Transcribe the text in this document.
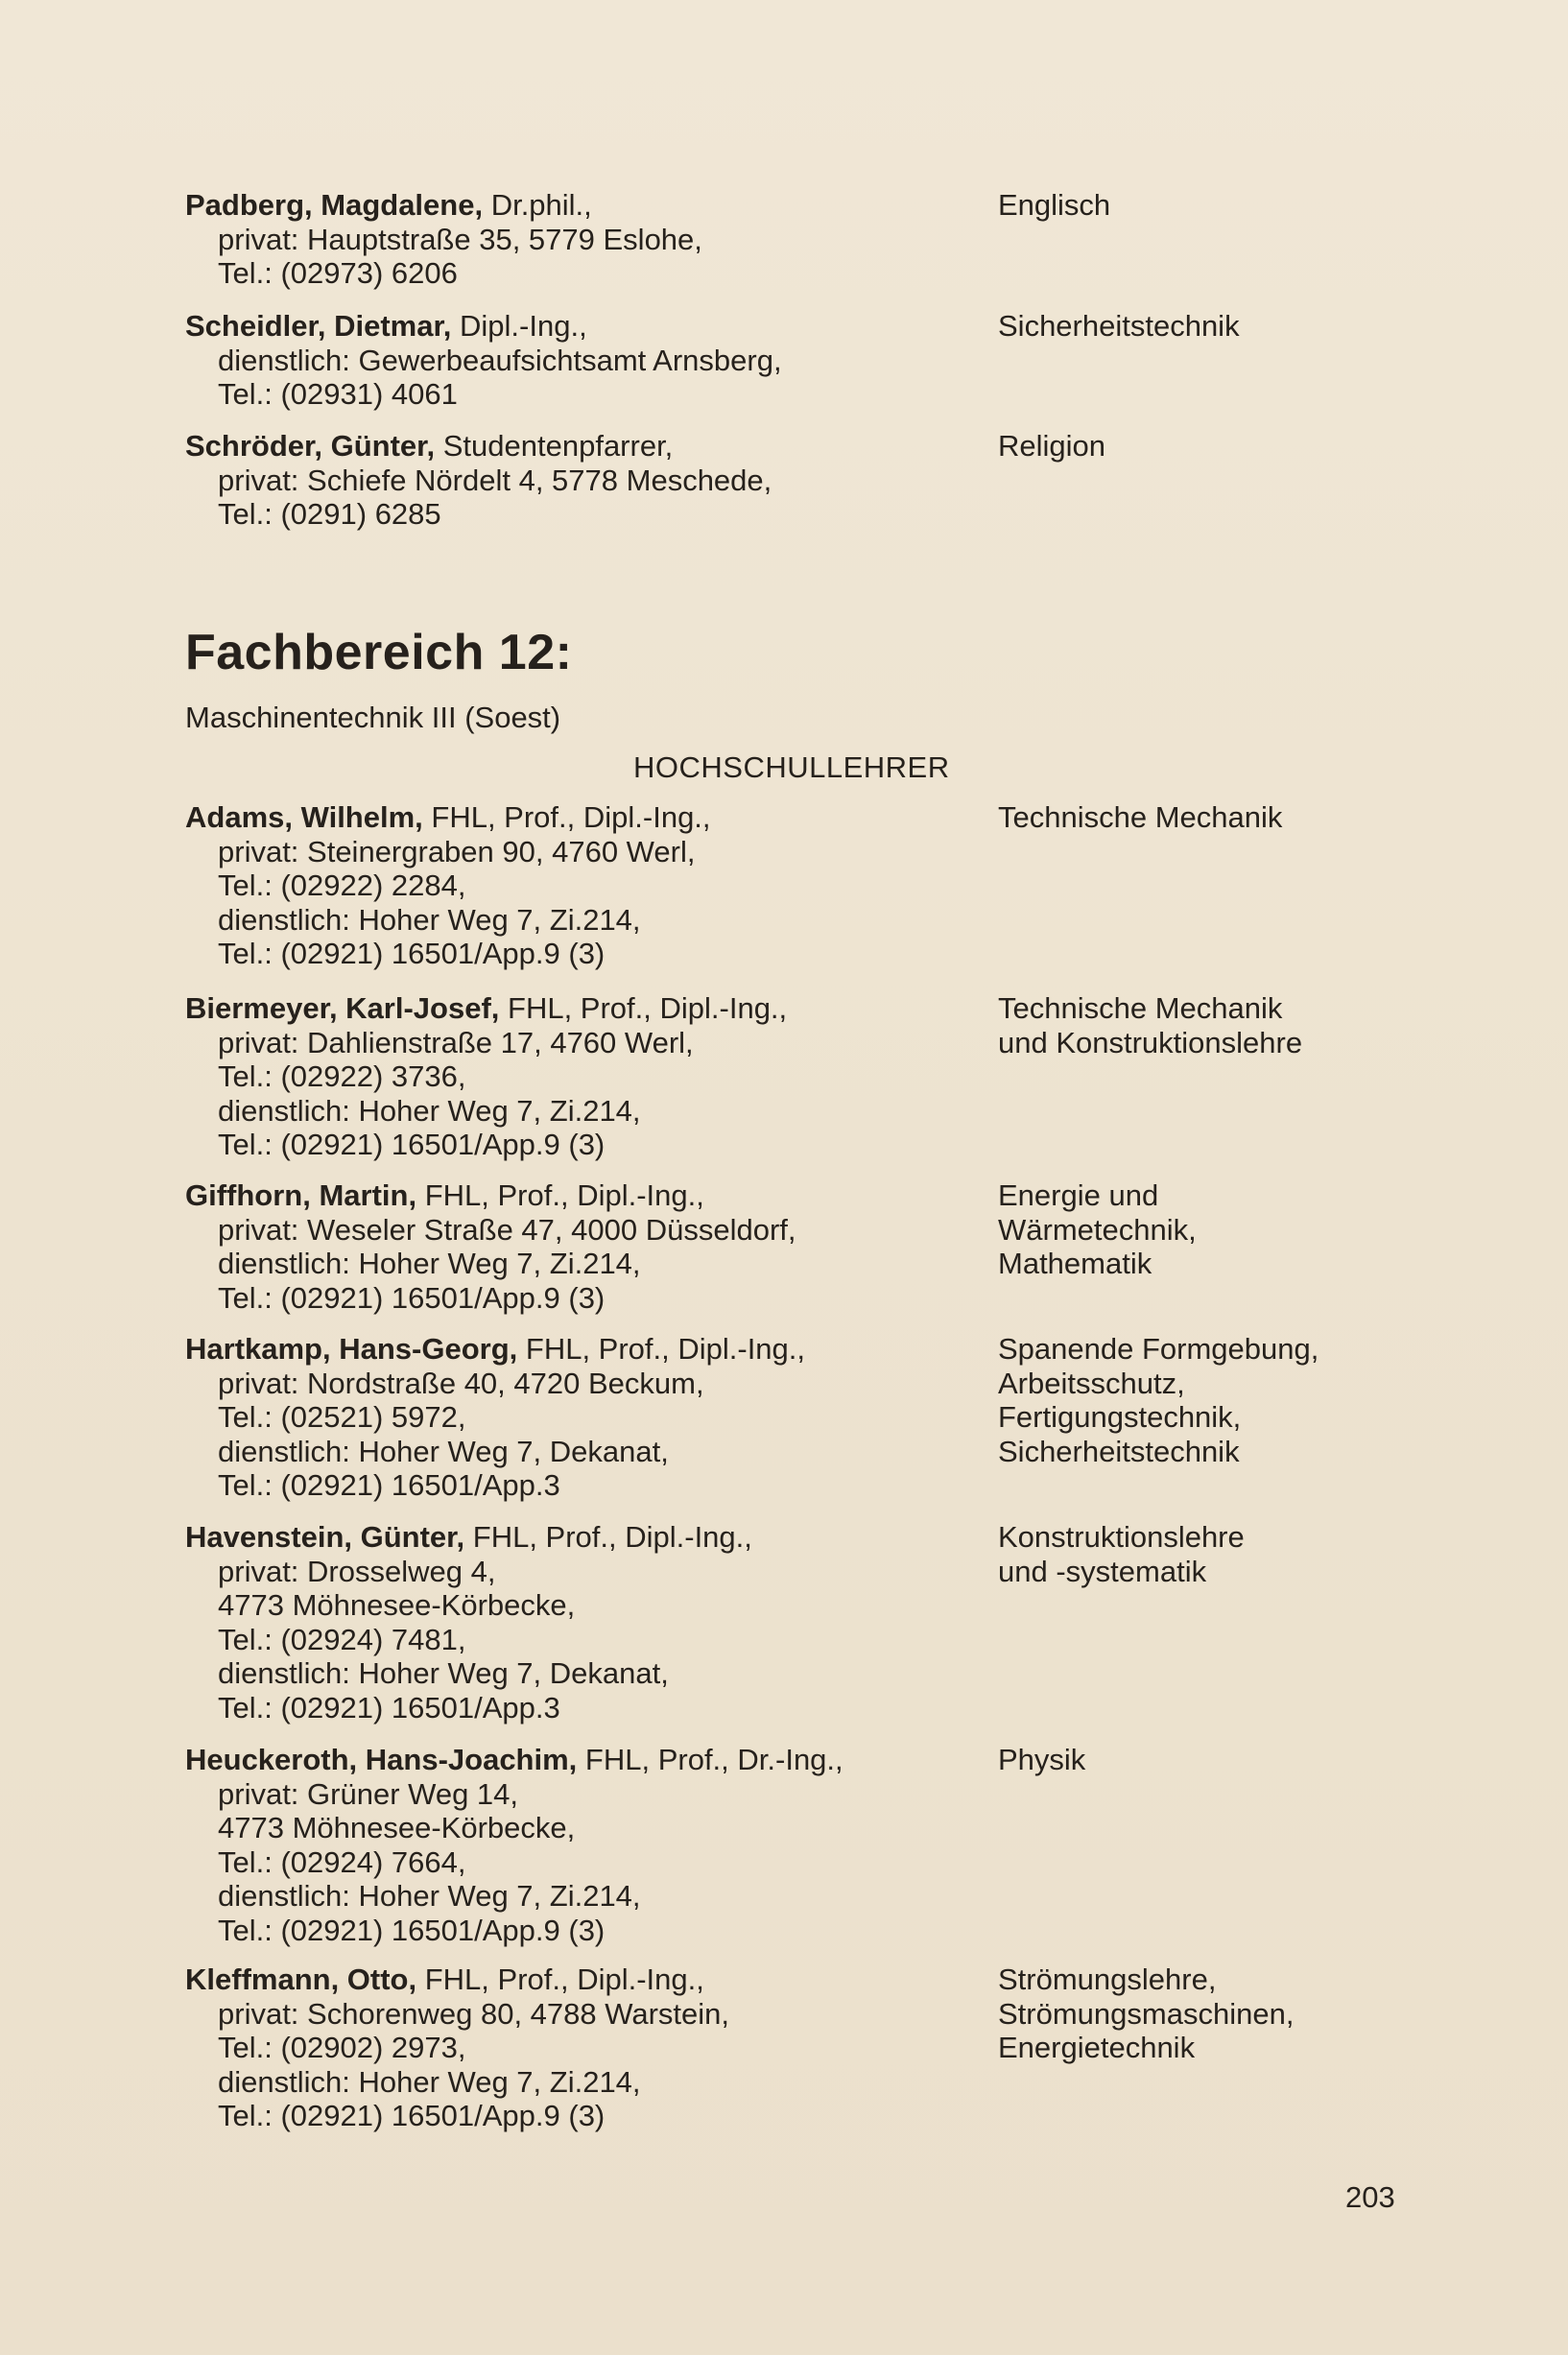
Padberg, Magdalene, Dr.phil.,
privat: Hauptstraße 35, 5779 Eslohe,
Tel.: (02973) 6206
Englisch
Scheidler, Dietmar, Dipl.-Ing.,
dienstlich: Gewerbeaufsichtsamt Arnsberg,
Tel.: (02931) 4061
Sicherheitstechnik
Schröder, Günter, Studentenpfarrer,
privat: Schiefe Nördelt 4, 5778 Meschede,
Tel.: (0291) 6285
Religion
Fachbereich 12:
Maschinentechnik III (Soest)
HOCHSCHULLEHRER
Adams, Wilhelm, FHL, Prof., Dipl.-Ing.,
privat: Steinergraben 90, 4760 Werl,
Tel.: (02922) 2284,
dienstlich: Hoher Weg 7, Zi.214,
Tel.: (02921) 16501/App.9 (3)
Technische Mechanik
Biermeyer, Karl-Josef, FHL, Prof., Dipl.-Ing.,
privat: Dahlienstraße 17, 4760 Werl,
Tel.: (02922) 3736,
dienstlich: Hoher Weg 7, Zi.214,
Tel.: (02921) 16501/App.9 (3)
Technische Mechanik
und Konstruktionslehre
Giffhorn, Martin, FHL, Prof., Dipl.-Ing.,
privat: Weseler Straße 47, 4000 Düsseldorf,
dienstlich: Hoher Weg 7, Zi.214,
Tel.: (02921) 16501/App.9 (3)
Energie und
Wärmetechnik,
Mathematik
Hartkamp, Hans-Georg, FHL, Prof., Dipl.-Ing.,
privat: Nordstraße 40, 4720 Beckum,
Tel.: (02521) 5972,
dienstlich: Hoher Weg 7, Dekanat,
Tel.: (02921) 16501/App.3
Spanende Formgebung,
Arbeitsschutz,
Fertigungstechnik,
Sicherheitstechnik
Havenstein, Günter, FHL, Prof., Dipl.-Ing.,
privat: Drosselweg 4,
4773 Möhnesee-Körbecke,
Tel.: (02924) 7481,
dienstlich: Hoher Weg 7, Dekanat,
Tel.: (02921) 16501/App.3
Konstruktionslehre
und -systematik
Heuckeroth, Hans-Joachim, FHL, Prof., Dr.-Ing.,
privat: Grüner Weg 14,
4773 Möhnesee-Körbecke,
Tel.: (02924) 7664,
dienstlich: Hoher Weg 7, Zi.214,
Tel.: (02921) 16501/App.9 (3)
Physik
Kleffmann, Otto, FHL, Prof., Dipl.-Ing.,
privat: Schorenweg 80, 4788 Warstein,
Tel.: (02902) 2973,
dienstlich: Hoher Weg 7, Zi.214,
Tel.: (02921) 16501/App.9 (3)
Strömungslehre,
Strömungsmaschinen,
Energietechnik
203
